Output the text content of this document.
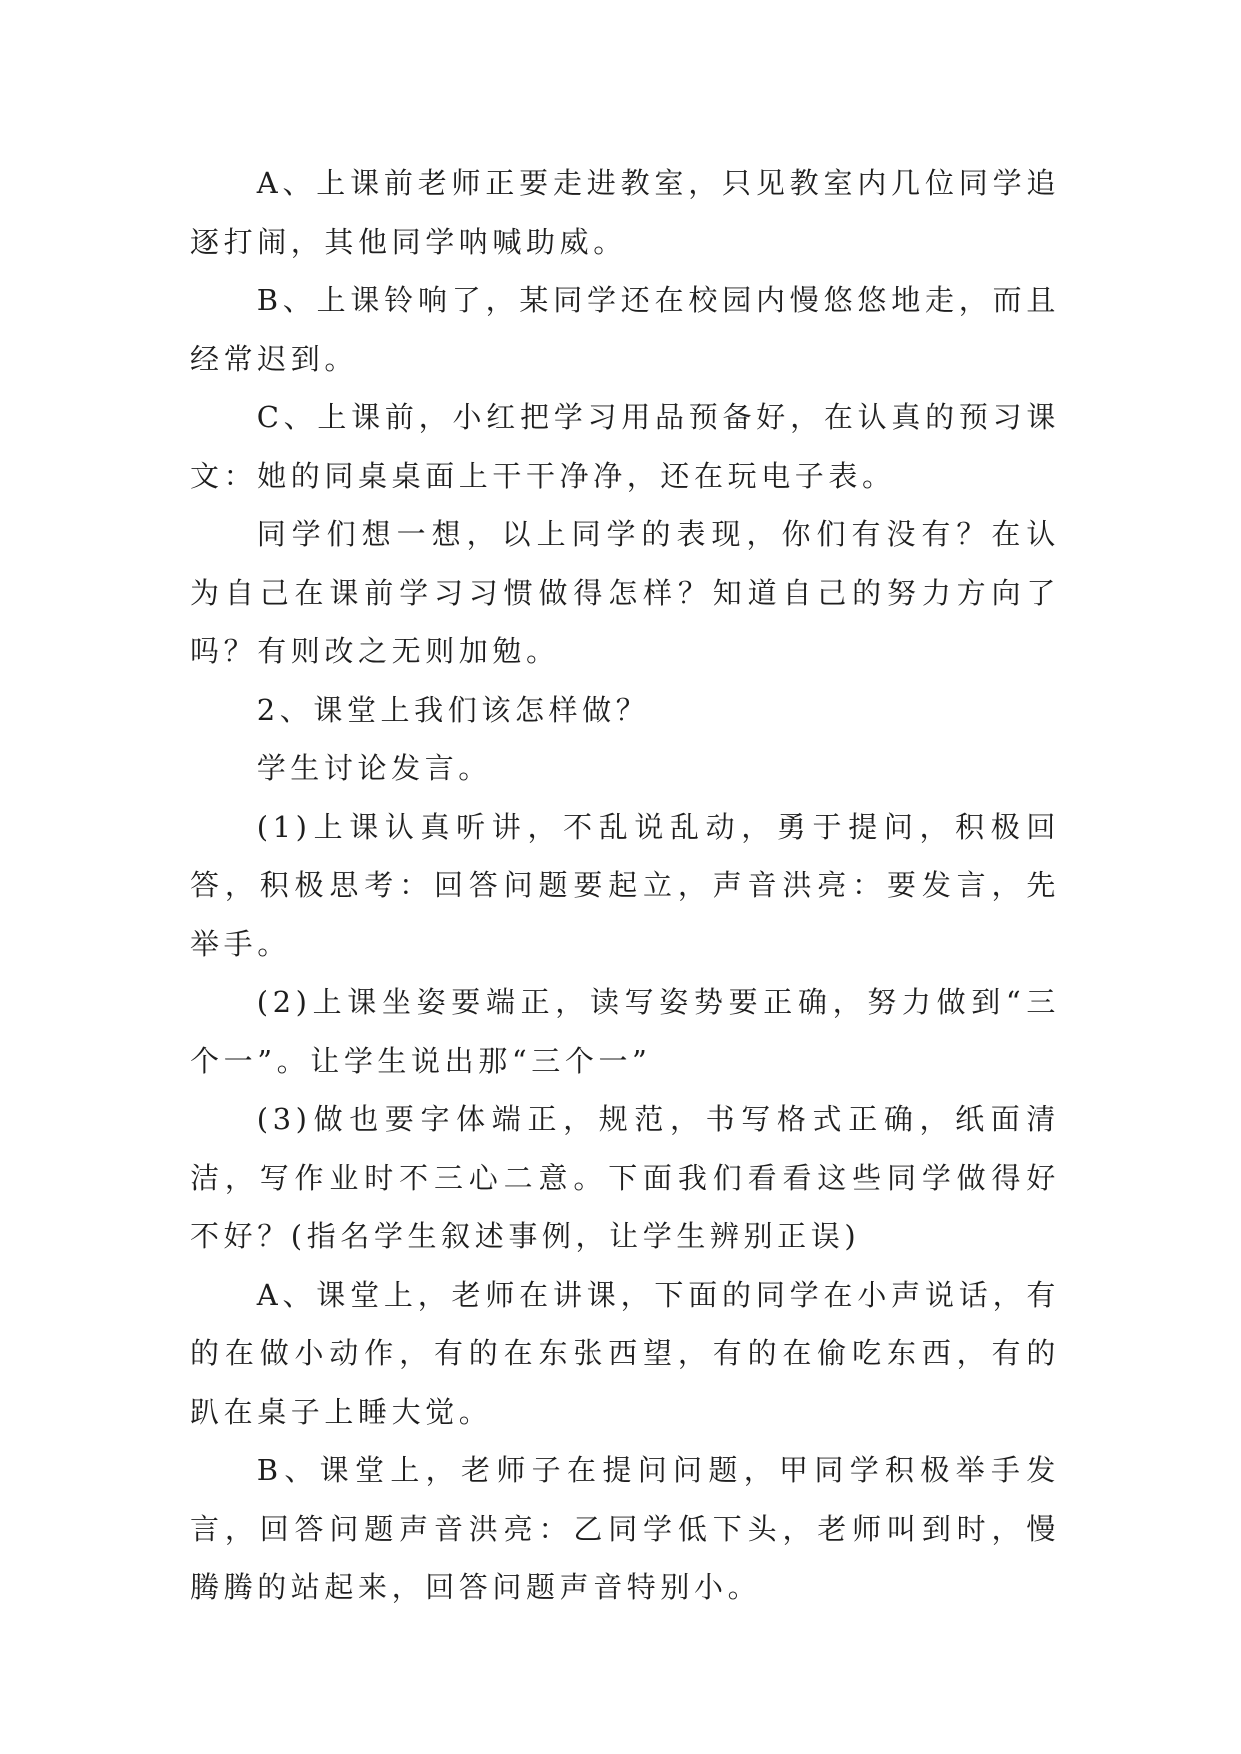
A、上课前老师正要走进教室，只见教室内几位同学追逐打闹，其他同学呐喊助威。

B、上课铃响了，某同学还在校园内慢悠悠地走，而且经常迟到。

C、上课前，小红把学习用品预备好，在认真的预习课文：她的同桌桌面上干干净净，还在玩电子表。

同学们想一想，以上同学的表现，你们有没有？在认为自己在课前学习习惯做得怎样？知道自己的努力方向了吗？有则改之无则加勉。

2、课堂上我们该怎样做？

学生讨论发言。

(1)上课认真听讲，不乱说乱动，勇于提问，积极回答，积极思考：回答问题要起立，声音洪亮：要发言，先举手。

(2)上课坐姿要端正，读写姿势要正确，努力做到“三个一”。让学生说出那“三个一”

(3)做也要字体端正，规范，书写格式正确，纸面清洁，写作业时不三心二意。下面我们看看这些同学做得好不好？(指名学生叙述事例，让学生辨别正误)

A、课堂上，老师在讲课，下面的同学在小声说话，有的在做小动作，有的在东张西望，有的在偷吃东西，有的趴在桌子上睡大觉。

B、课堂上，老师子在提问问题，甲同学积极举手发言，回答问题声音洪亮：乙同学低下头，老师叫到时，慢腾腾的站起来，回答问题声音特别小。
